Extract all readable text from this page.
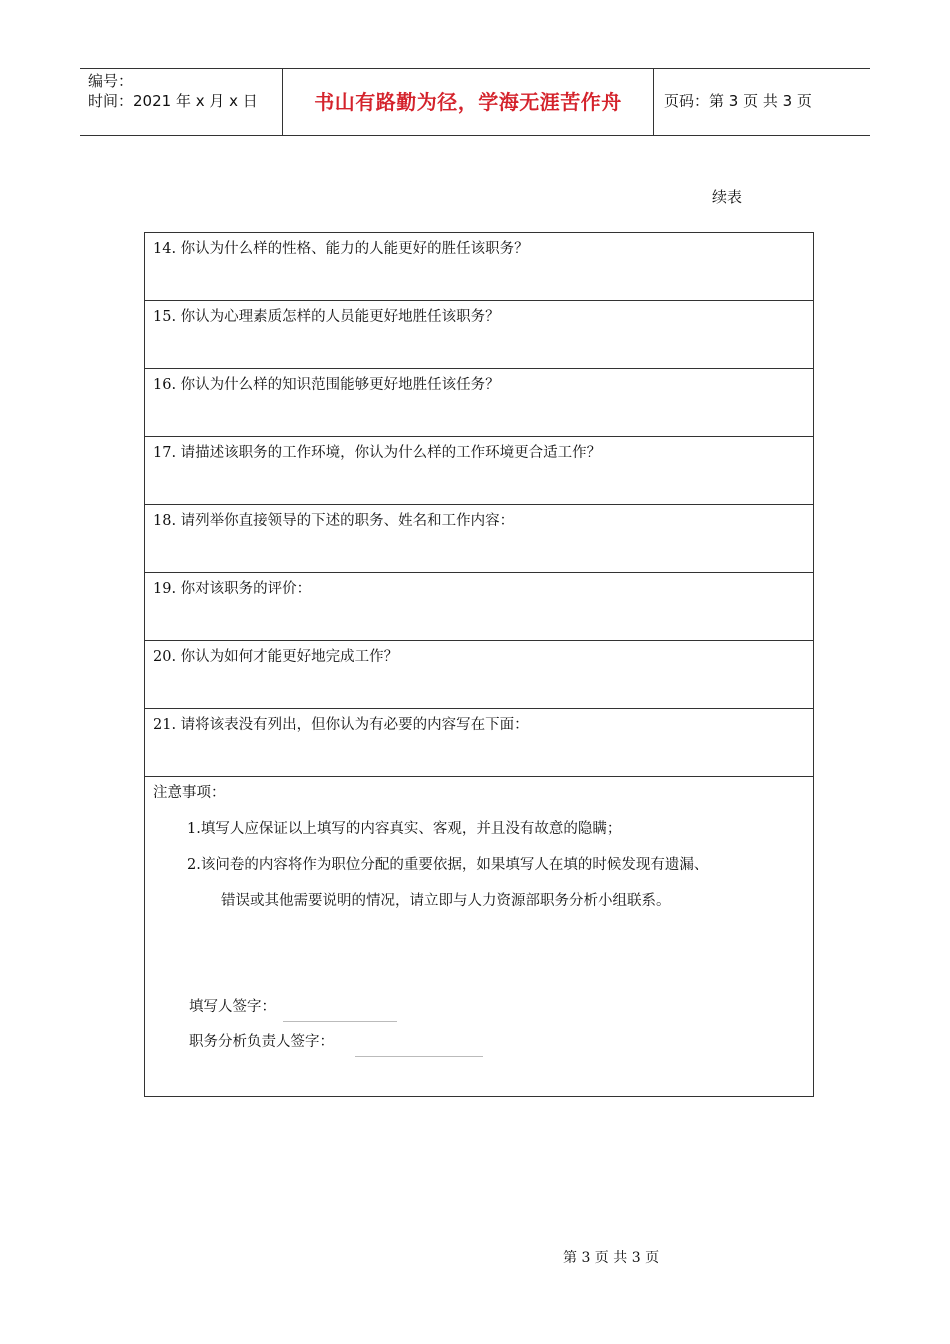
编号：
时间：2021 年 x 月 x 日	书山有路勤为径，学海无涯苦作舟	页码：第 3 页 共 3 页
续表
14. 你认为什么样的性格、能力的人能更好的胜任该职务？
15. 你认为心理素质怎样的人员能更好地胜任该职务？
16. 你认为什么样的知识范围能够更好地胜任该任务？
17. 请描述该职务的工作环境，你认为什么样的工作环境更合适工作？
18. 请列举你直接领导的下述的职务、姓名和工作内容：
19. 你对该职务的评价：
20. 你认为如何才能更好地完成工作？
21. 请将该表没有列出，但你认为有必要的内容写在下面：
注意事项：
1.填写人应保证以上填写的内容真实、客观，并且没有故意的隐瞒；
2.该问卷的内容将作为职位分配的重要依据，如果填写人在填的时候发现有遗漏、
错误或其他需要说明的情况，请立即与人力资源部职务分析小组联系。
填写人签字：
职务分析负责人签字：
第 3 页 共 3 页
